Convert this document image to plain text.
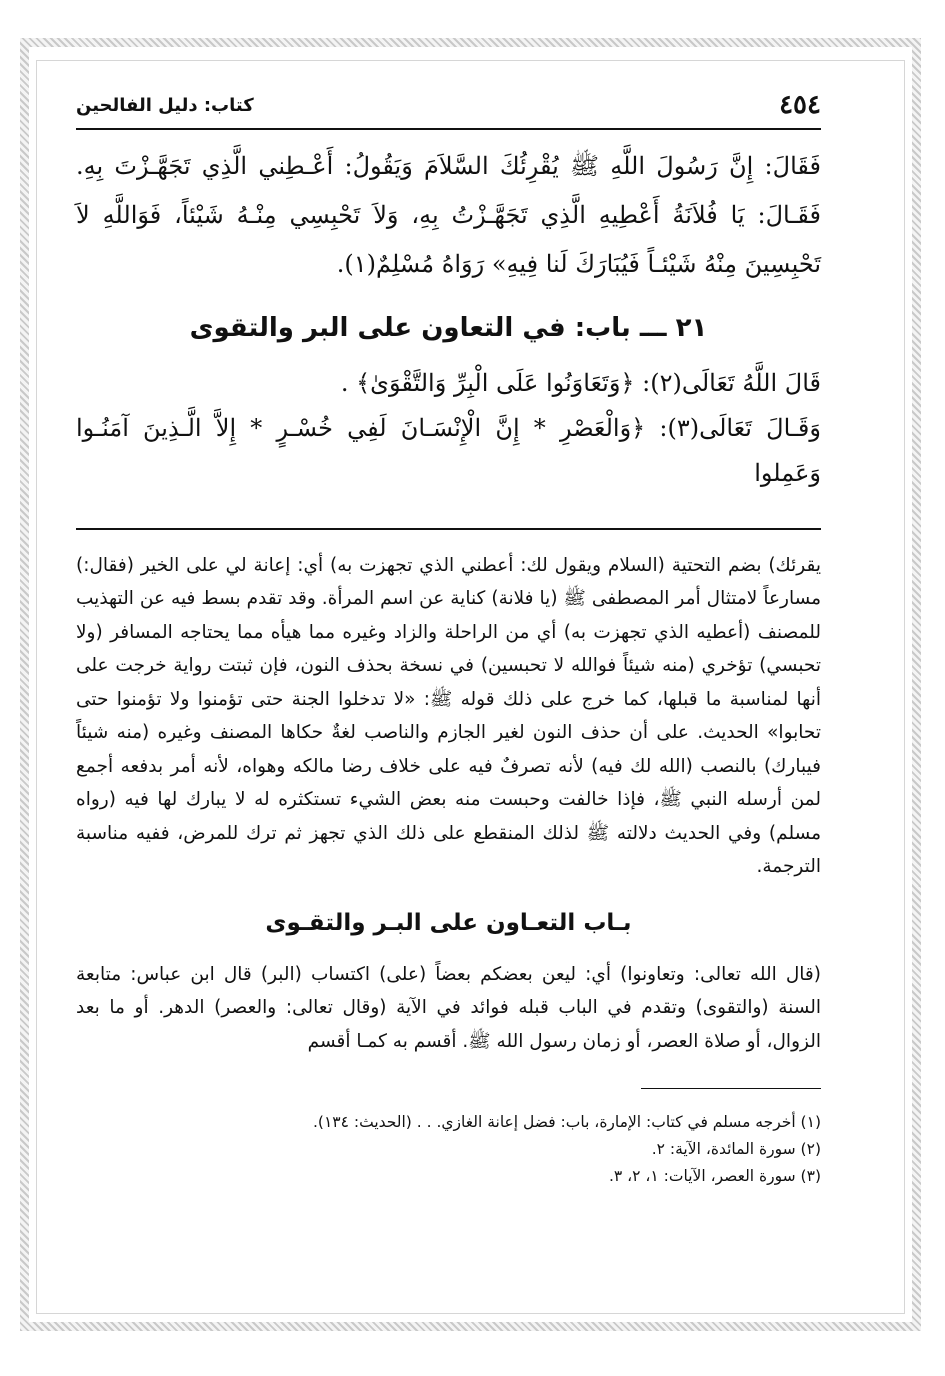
٤٥٤
كتاب: دليل الفالحين

فَقَالَ: إِنَّ رَسُولَ اللَّهِ ﷺ يُقْرِئُكَ السَّلاَمَ وَيَقُولُ: أَعْـطِني الَّذِي تَجَهَّـزْتَ بِهِ. فَقَـالَ: يَا فُلاَنَةُ أَعْطِيهِ الَّذِي تَجَهَّـزْتُ بِهِ، وَلاَ تَحْبِسِي مِنْـهُ شَيْئاً، فَوَاللَّهِ لاَ تَحْبِسِينَ مِنْهُ شَيْئـاً فَيُبَارَكَ لَنا فِيهِ» رَوَاهُ مُسْلِمٌ(١).

٢١ ـــ باب: في التعاون على البر والتقوى
قَالَ اللَّهُ تَعَالَى(٢): ﴿وَتَعَاوَنُوا عَلَى الْبِرِّ وَالتَّقْوَىٰ﴾ .
وَقَـالَ تَعَالَى(٣): ﴿وَالْعَصْرِ * إِنَّ الْإِنْسَـانَ لَفِي خُسْـرٍ * إِلاَّ الَّـذِينَ آمَنُـوا وَعَمِلوا

يقرئك) بضم التحتية (السلام ويقول لك: أعطني الذي تجهزت به) أي: إعانة لي على الخير (فقال:) مسارعاً لامتثال أمر المصطفى ﷺ (يا فلانة) كناية عن اسم المرأة. وقد تقدم بسط فيه عن التهذيب للمصنف (أعطيه الذي تجهزت به) أي من الراحلة والزاد وغيره مما هيأه مما يحتاجه المسافر (ولا تحبسي) تؤخري (منه شيئاً فوالله لا تحبسين) في نسخة بحذف النون، فإن ثبتت رواية خرجت على أنها لمناسبة ما قبلها، كما خرج على ذلك قوله ﷺ: «لا تدخلوا الجنة حتى تؤمنوا ولا تؤمنوا حتى تحابوا» الحديث. على أن حذف النون لغير الجازم والناصب لغةٌ حكاها المصنف وغيره (منه شيئاً فيبارك) بالنصب (الله لك فيه) لأنه تصرفٌ فيه على خلاف رضا مالكه وهواه، لأنه أمر بدفعه أجمع لمن أرسله النبي ﷺ، فإذا خالفت وحبست منه بعض الشيء تستكثره له لا يبارك لها فيه (رواه مسلم) وفي الحديث دلالته ﷺ لذلك المنقطع على ذلك الذي تجهز ثم ترك للمرض، ففيه مناسبة الترجمة.

بـاب التعـاون على البـر والتقـوى

(قال الله تعالى: وتعاونوا) أي: ليعن بعضكم بعضاً (على) اكتساب (البر) قال ابن عباس: متابعة السنة (والتقوى) وتقدم في الباب قبله فوائد في الآية (وقال تعالى: والعصر) الدهر. أو ما بعد الزوال، أو صلاة العصر، أو زمان رسول الله ﷺ. أقسم به كمـا أقسم

(١) أخرجه مسلم في كتاب: الإمارة، باب: فضل إعانة الغازي. . . (الحديث: ١٣٤).
(٢) سورة المائدة، الآية: ٢.
(٣) سورة العصر، الآيات: ١، ٢، ٣.
